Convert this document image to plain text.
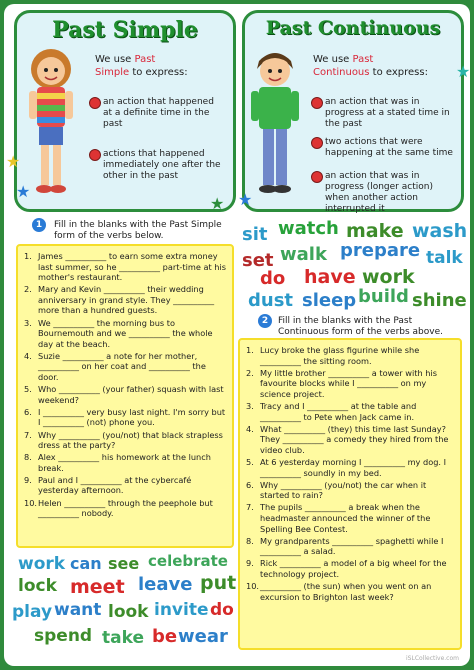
Past Simple
We use Past
Simple to express:
an action that happened at a definite time in the past
actions that happened immediately one after the other in the past
★
★
★
Past Continuous
We use Past
Continuous to express:
an action that was in progress at a stated time in the past
two actions that were happening at the same time
an action that was in progress (longer action) when another action interrupted it
★
★
1	Fill in the blanks with the Past Simple form of the verbs below.
1. James __________ to earn some extra money last summer, so he __________ part-time at his mother's restaurant.
2. Mary and Kevin __________ their wedding anniversary in grand style. They __________ more than a hundred guests.
3. We __________ the morning bus to Bournemouth and we __________ the whole day at the beach.
4. Suzie __________ a note for her mother, __________ on her coat and __________ the door.
5. Who __________ (your father) squash with last weekend?
6. I __________ very busy last night. I'm sorry but I __________ (not) phone you.
7. Why __________ (you/not) that black strapless dress at the party?
8. Alex __________ his homework at the lunch break.
9. Paul and I __________ at the cybercafé yesterday afternoon.
10. Helen __________ through the peephole but __________ nobody.
sit watch make wash
set walk prepare talk
do have work
dust sleep build shine
2	Fill in the blanks with the Past Continuous form of the verbs above.
1. Lucy broke the glass figurine while she __________ the sitting room.
2. My little brother __________ a tower with his favourite blocks while I __________ on my science project.
3. Tracy and I __________ at the table and __________ to Pete when Jack came in.
4. What __________ (they) this time last Sunday? They __________ a comedy they hired from the video club.
5. At 6 yesterday morning I __________ my dog. I __________ soundly in my bed.
6. Why __________ (you/not) the car when it started to rain?
7. The pupils __________ a break when the headmaster announced the winner of the Spelling Bee Contest.
8. My grandparents __________ spaghetti while I __________ a salad.
9. Rick __________ a model of a big wheel for the technology project.
10. __________ (the sun) when you went on an excursion to Brighton last week?
work can see celebrate
lock meet leave put
play want look invite do
spend take be wear
iSLCollective.com
